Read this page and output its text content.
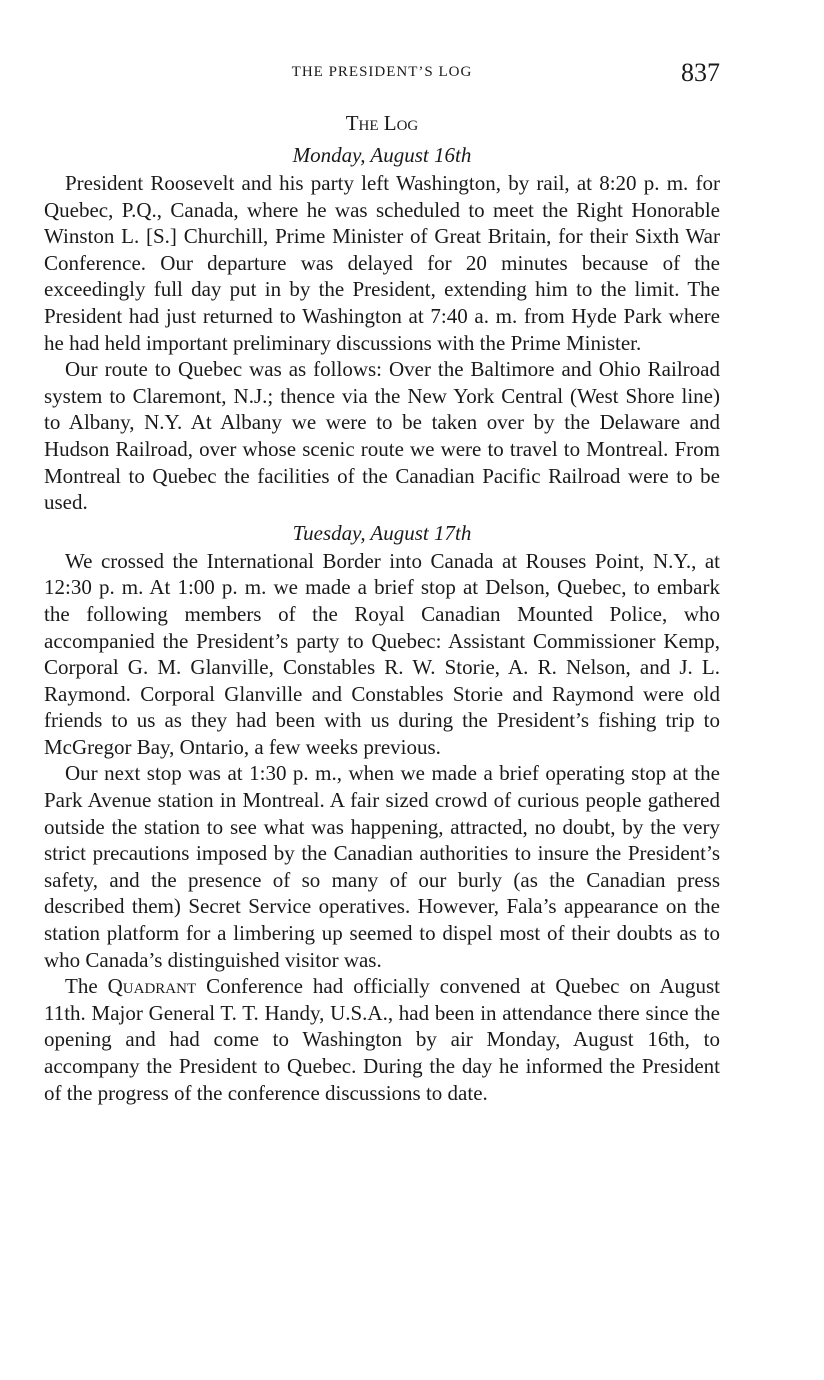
THE PRESIDENT’S LOG	837
The Log
Monday, August 16th

President Roosevelt and his party left Washington, by rail, at 8:20 p. m. for Quebec, P.Q., Canada, where he was scheduled to meet the Right Honorable Winston L. [S.] Churchill, Prime Minister of Great Britain, for their Sixth War Conference. Our departure was delayed for 20 minutes because of the exceedingly full day put in by the President, extending him to the limit. The President had just returned to Washington at 7:40 a. m. from Hyde Park where he had held important preliminary discussions with the Prime Minister.

Our route to Quebec was as follows: Over the Baltimore and Ohio Railroad system to Claremont, N.J.; thence via the New York Central (West Shore line) to Albany, N.Y. At Albany we were to be taken over by the Delaware and Hudson Railroad, over whose scenic route we were to travel to Montreal. From Montreal to Quebec the facilities of the Canadian Pacific Railroad were to be used.

Tuesday, August 17th

We crossed the International Border into Canada at Rouses Point, N.Y., at 12:30 p. m. At 1:00 p. m. we made a brief stop at Delson, Quebec, to embark the following members of the Royal Canadian Mounted Police, who accompanied the President’s party to Quebec: Assistant Commissioner Kemp, Corporal G. M. Glanville, Constables R. W. Storie, A. R. Nelson, and J. L. Raymond. Corporal Glanville and Constables Storie and Raymond were old friends to us as they had been with us during the President’s fishing trip to McGregor Bay, Ontario, a few weeks previous.

Our next stop was at 1:30 p. m., when we made a brief operating stop at the Park Avenue station in Montreal. A fair sized crowd of curious people gathered outside the station to see what was happening, attracted, no doubt, by the very strict precautions imposed by the Canadian authorities to insure the President’s safety, and the presence of so many of our burly (as the Canadian press described them) Secret Service operatives. However, Fala’s appearance on the station platform for a limbering up seemed to dispel most of their doubts as to who Canada’s distinguished visitor was.

The Quadrant Conference had officially convened at Quebec on August 11th. Major General T. T. Handy, U.S.A., had been in attendance there since the opening and had come to Washington by air Monday, August 16th, to accompany the President to Quebec. During the day he informed the President of the progress of the conference discussions to date.
